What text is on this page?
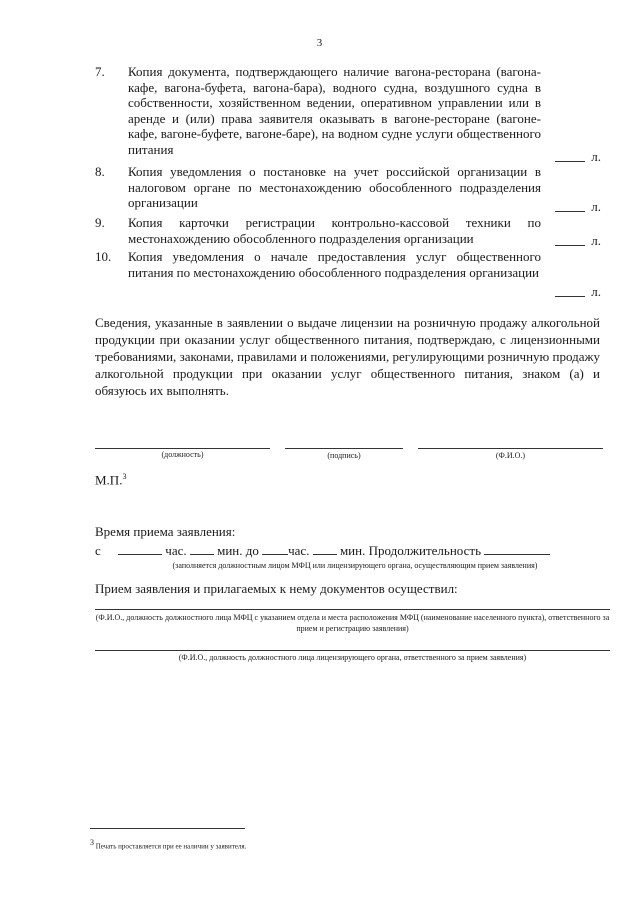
3
7. Копия документа, подтверждающего наличие вагона-ресторана (вагона-кафе, вагона-буфета, вагона-бара), водного судна, воздушного судна в собственности, хозяйственном ведении, оперативном управлении или в аренде и (или) права заявителя оказывать в вагоне-ресторане (вагоне-кафе, вагоне-буфете, вагоне-баре), на водном судне услуги общественного питания	л.
8. Копия уведомления о постановке на учет российской организации в налоговом органе по местонахождению обособленного подразделения организации	л.
9. Копия карточки регистрации контрольно-кассовой техники по местонахождению обособленного подразделения организации	л.
10. Копия уведомления о начале предоставления услуг общественного питания по местонахождению обособленного подразделения организации
л.
Сведения, указанные в заявлении о выдаче лицензии на розничную продажу алкогольной продукции при оказании услуг общественного питания, подтверждаю, с лицензионными требованиями, законами, правилами и положениями, регулирующими розничную продажу алкогольной продукции при оказании услуг общественного питания, знаком (а) и обязуюсь их выполнять.
(должность)	(подпись)	(Ф.И.О.)
М.П.$^3$
Время приема заявления:
с	час. мин. до час. мин. Продолжительность
(заполняется должностным лицом МФЦ или лицензирующего органа, осуществляющим прием заявления)
Прием заявления и прилагаемых к нему документов осуществил:
(Ф.И.О., должность должностного лица МФЦ с указанием отдела и места расположения МФЦ (наименование населенного пункта), ответственного за прием и регистрацию заявления)
(Ф.И.О., должность должностного лица лицензирующего органа, ответственного за прием заявления)
$^3$ Печать проставляется при ее наличии у заявителя.
